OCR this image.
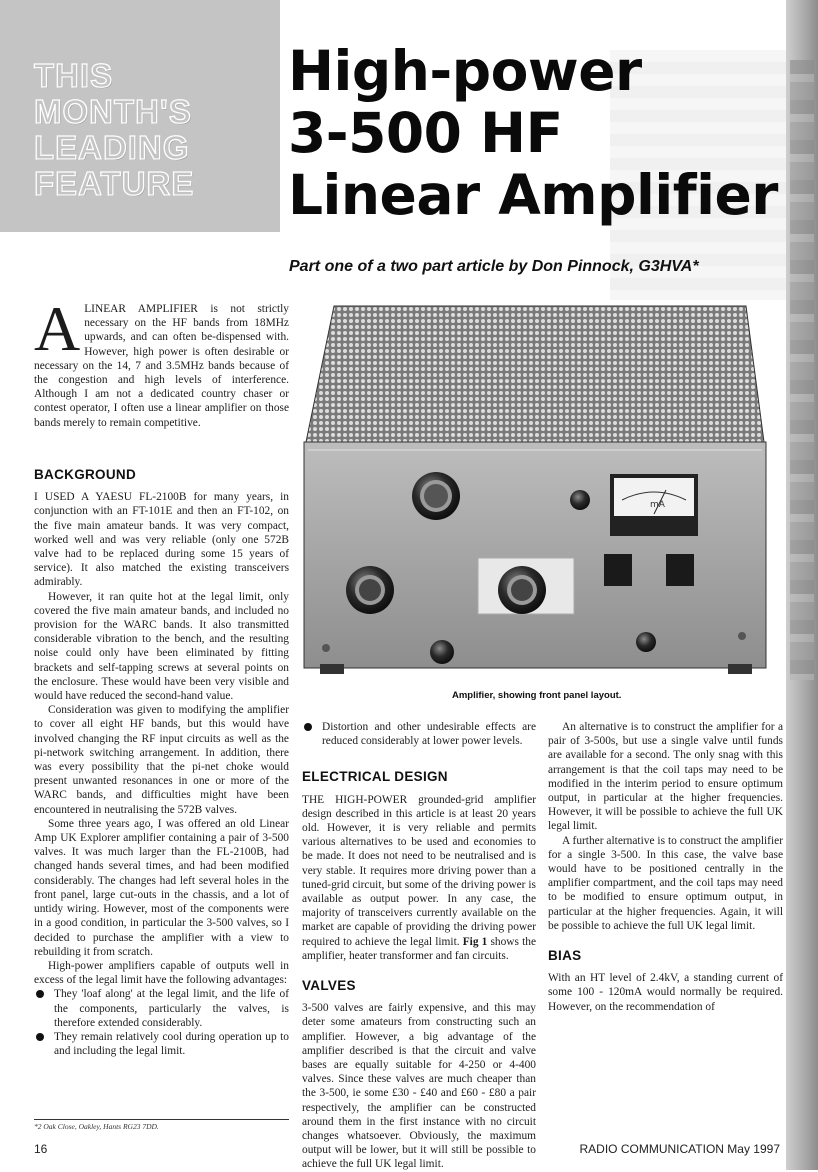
THIS
MONTH'S
LEADING
FEATURE
High-power
3-500 HF
Linear Amplifier
Part one of a two part article by Don Pinnock, G3HVA*

ALINEAR AMPLIFIER is not strictly necessary on the HF bands from 18MHz upwards, and can often be-dispensed with. However, high power is often desirable or necessary on the 14, 7 and 3.5MHz bands because of the congestion and high levels of interference. Although I am not a dedicated country chaser or contest operator, I often use a linear amplifier on those bands merely to remain competitive.

BACKGROUND

I USED A YAESU FL-2100B for many years, in conjunction with an FT-101E and then an FT-102, on the five main amateur bands. It was very compact, worked well and was very reliable (only one 572B valve had to be replaced during some 15 years of service). It also matched the existing transceivers admirably.

However, it ran quite hot at the legal limit, only covered the five main amateur bands, and included no provision for the WARC bands. It also transmitted considerable vibration to the bench, and the resulting noise could only have been eliminated by fitting brackets and self-tapping screws at several points on the enclosure. These would have been very visible and would have reduced the second-hand value.

Consideration was given to modifying the amplifier to cover all eight HF bands, but this would have involved changing the RF input circuits as well as the pi-network switching arrangement. In addition, there was every possibility that the pi-net choke would present unwanted resonances in one or more of the WARC bands, and difficulties might have been encountered in neutralising the 572B valves.

Some three years ago, I was offered an old Linear Amp UK Explorer amplifier containing a pair of 3-500 valves. It was much larger than the FL-2100B, had changed hands several times, and had been modified considerably. The changes had left several holes in the front panel, large cut-outs in the chassis, and a lot of untidy wiring. However, most of the components were in a good condition, in particular the 3-500 valves, so I decided to purchase the amplifier with a view to rebuilding it from scratch.

High-power amplifiers capable of outputs well in excess of the legal limit have the following advantages:

They 'loaf along' at the legal limit, and the life of the components, particularly the valves, is therefore extended considerably.
They remain relatively cool during operation up to and including the legal limit.
mA
Amplifier, showing front panel layout.
Distortion and other undesirable effects are reduced considerably at lower power levels.
ELECTRICAL DESIGN

THE HIGH-POWER grounded-grid amplifier design described in this article is at least 20 years old. However, it is very reliable and permits various alternatives to be used and economies to be made. It does not need to be neutralised and is very stable. It requires more driving power than a tuned-grid circuit, but some of the driving power is available as output power. In any case, the majority of transceivers currently available on the market are capable of providing the driving power required to achieve the legal limit. Fig 1 shows the amplifier, heater transformer and fan circuits.

VALVES

3-500 valves are fairly expensive, and this may deter some amateurs from constructing such an amplifier. However, a big advantage of the amplifier described is that the circuit and valve bases are equally suitable for 4-250 or 4-400 valves. Since these valves are much cheaper than the 3-500, ie some £30 - £40 and £60 - £80 a pair respectively, the amplifier can be constructed around them in the first instance with no circuit changes whatsoever. Obviously, the maximum output will be lower, but it will still be possible to achieve the full UK legal limit.

An alternative is to construct the amplifier for a pair of 3-500s, but use a single valve until funds are available for a second. The only snag with this arrangement is that the coil taps may need to be modified in the interim period to ensure optimum output, in particular at the higher frequencies. However, it will be possible to achieve the full UK legal limit.

A further alternative is to construct the amplifier for a single 3-500. In this case, the valve base would have to be positioned centrally in the amplifier compartment, and the coil taps may need to be modified to ensure optimum output, in particular at the higher frequencies. Again, it will be possible to achieve the full UK legal limit.

BIAS

With an HT level of 2.4kV, a standing current of some 100 - 120mA would normally be required. However, on the recommendation of

*2 Oak Close, Oakley, Hants RG23 7DD.
16	RADIO COMMUNICATION May 1997
